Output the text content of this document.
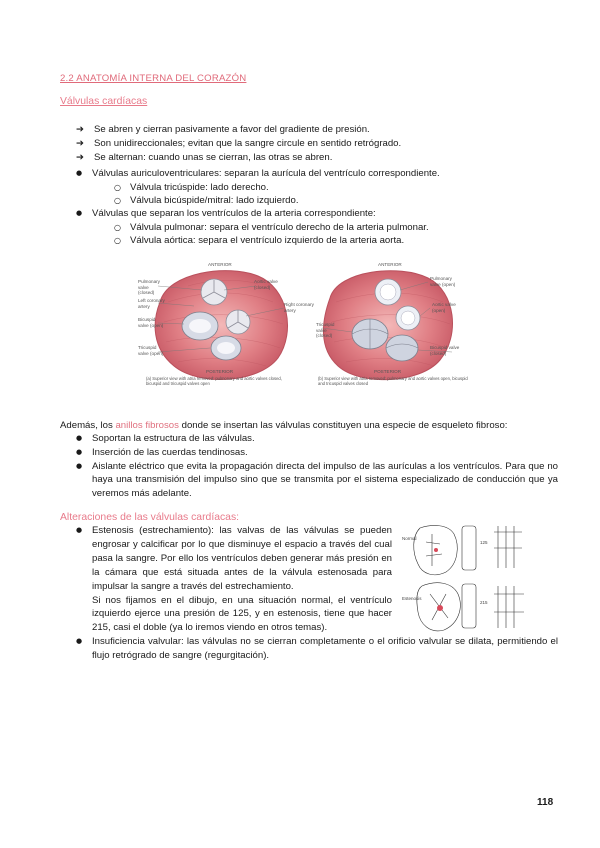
2.2 ANATOMÍA INTERNA DEL CORAZÓN
Válvulas cardíacas
➔ Se abren y cierran pasivamente a favor del gradiente de presión.
➔ Son unidireccionales; evitan que la sangre circule en sentido retrógrado.
➔ Se alternan: cuando unas se cierran, las otras se abren.
● Válvulas auriculoventriculares: separan la aurícula del ventrículo correspondiente.
○ Válvula tricúspide: lado derecho.
○ Válvula bicúspide/mitral: lado izquierdo.
● Válvulas que separan los ventrículos de la arteria correspondiente:
○ Válvula pulmonar: separa el ventrículo derecho de la arteria pulmonar.
○ Válvula aórtica: separa el ventrículo izquierdo de la arteria aorta.
ANTERIOR
POSTERIOR
ANTERIOR
POSTERIOR
Pulmonary valve (closed)
Left coronary artery
Bicuspid valve (open)
Tricuspid valve (open)
Aortic valve (closed)
Right coronary artery
Pulmonary valve (open)
Aortic valve (open)
Tricuspid valve (closed)
Bicuspid valve (closed)
(a) Superior view with atria removed: pulmonary and aortic valves closed, bicuspid and tricuspid valves open
(b) Superior view with atria removed: pulmonary and aortic valves open, bicuspid and tricuspid valves closed
Además, los anillos fibrosos donde se insertan las válvulas constituyen una especie de esqueleto fibroso:
● Soportan la estructura de las válvulas.
● Inserción de las cuerdas tendinosas.
● Aislante eléctrico que evita la propagación directa del impulso de las aurículas a los ventrículos. Para que no haya una transmisión del impulso sino que se transmita por el sistema especializado de conducción que ya veremos más adelante.
Alteraciones de las válvulas cardíacas:
● Estenosis (estrechamiento): las valvas de las válvulas se pueden engrosar y calcificar por lo que disminuye el espacio a través del cual pasa la sangre. Por ello los ventrículos deben generar más presión en la cámara que está situada antes de la válvula estenosada para impulsar la sangre a través del estrechamiento.
Si nos fijamos en el dibujo, en una situación normal, el ventrículo izquierdo ejerce una presión de 125, y en estenosis, tiene que hacer 215, casi el doble (ya lo iremos viendo en otros temas).
● Insuficiencia valvular: las válvulas no se cierran completamente o el orificio valvular se dilata, permitiendo el flujo retrógrado de sangre (regurgitación).
Normal
Estenosis
125
215
118
